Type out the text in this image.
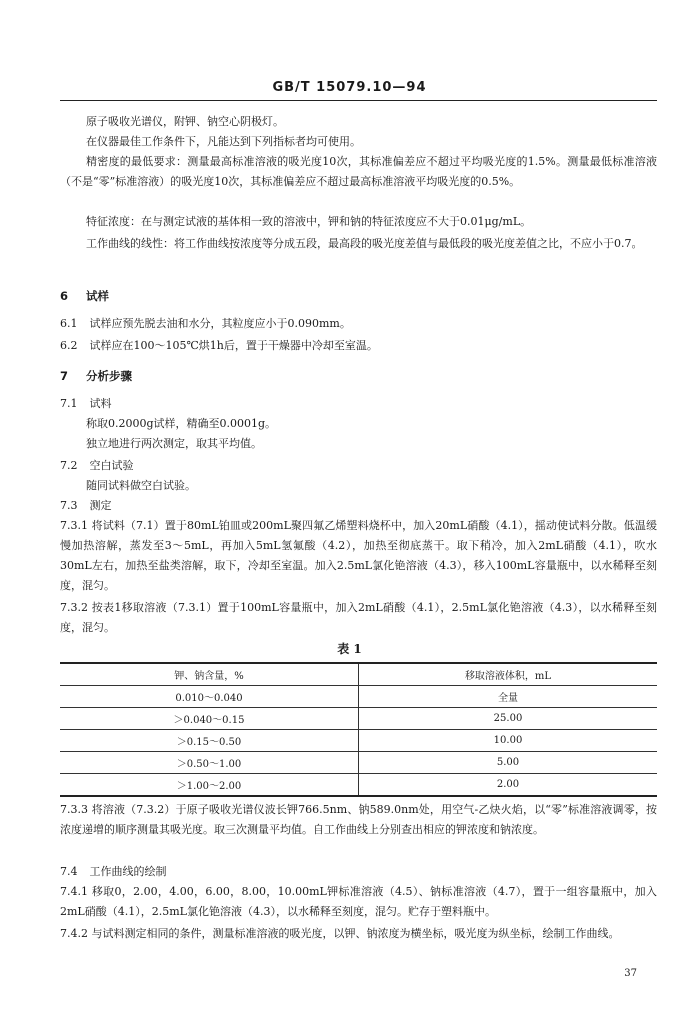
GB/T 15079.10—94

原子吸收光谱仪，附钾、钠空心阴极灯。

在仪器最佳工作条件下，凡能达到下列指标者均可使用。

精密度的最低要求：测量最高标准溶液的吸光度10次，其标准偏差应不超过平均吸光度的1.5%。测量最低标准溶液（不是“零”标准溶液）的吸光度10次，其标准偏差应不超过最高标准溶液平均吸光度的0.5%。

特征浓度：在与测定试液的基体相一致的溶液中，钾和钠的特征浓度应不大于0.01μg/mL。

工作曲线的线性：将工作曲线按浓度等分成五段，最高段的吸光度差值与最低段的吸光度差值之比，不应小于0.7。

6 试样
6.1 试样应预先脱去油和水分，其粒度应小于0.090mm。
6.2 试样应在100～105℃烘1h后，置于干燥器中冷却至室温。
7 分析步骤
7.1 试料

称取0.2000g试样，精确至0.0001g。

独立地进行两次测定，取其平均值。

7.2 空白试验

随同试料做空白试验。

7.3 测定
7.3.1 将试料（7.1）置于80mL铂皿或200mL聚四氟乙烯塑料烧杯中，加入20mL硝酸（4.1），摇动使试料分散。低温缓慢加热溶解，蒸发至3～5mL，再加入5mL氢氟酸（4.2），加热至彻底蒸干。取下稍冷，加入2mL硝酸（4.1），吹水30mL左右，加热至盐类溶解，取下，冷却至室温。加入2.5mL氯化铯溶液（4.3），移入100mL容量瓶中，以水稀释至刻度，混匀。
7.3.2 按表1移取溶液（7.3.1）置于100mL容量瓶中，加入2mL硝酸（4.1），2.5mL氯化铯溶液（4.3），以水稀释至刻度，混匀。
表 1
钾、钠含量，%	移取溶液体积，mL
0.010～0.040	全量
＞0.040～0.15	25.00
＞0.15～0.50	10.00
＞0.50～1.00	5.00
＞1.00～2.00	2.00
7.3.3 将溶液（7.3.2）于原子吸收光谱仪波长钾766.5nm、钠589.0nm处，用空气-乙炔火焰，以“零”标准溶液调零，按浓度递增的顺序测量其吸光度。取三次测量平均值。自工作曲线上分别查出相应的钾浓度和钠浓度。
7.4 工作曲线的绘制
7.4.1 移取0，2.00，4.00，6.00，8.00，10.00mL钾标准溶液（4.5）、钠标准溶液（4.7），置于一组容量瓶中，加入2mL硝酸（4.1），2.5mL氯化铯溶液（4.3），以水稀释至刻度，混匀。贮存于塑料瓶中。
7.4.2 与试料测定相同的条件，测量标准溶液的吸光度，以钾、钠浓度为横坐标，吸光度为纵坐标，绘制工作曲线。
37
